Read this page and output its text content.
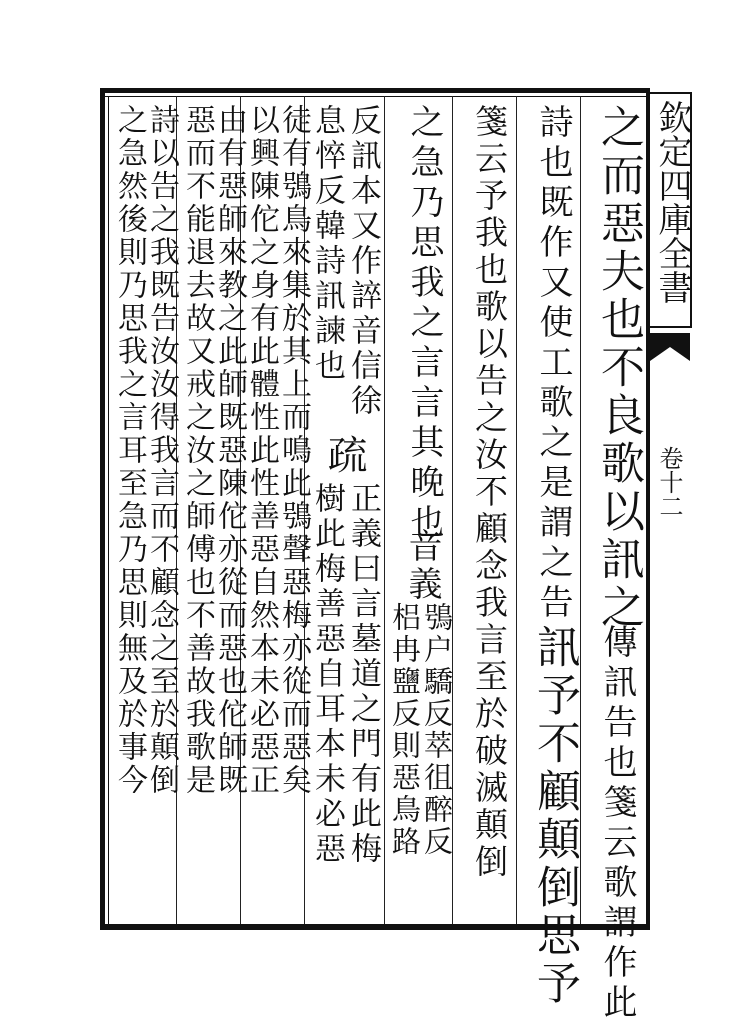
欽定四庫全書
卷十二
之而惡夫也不良歌以訊之
傳訊告也箋云歌謂作此
詩也既作又使工歌之是謂之告
訊予不顧顛倒思予
箋云予我也歌以告之汝不顧念我言至於破滅顛倒
之急乃思我之言言其晚也
音義
鴞户驕反萃徂醉反
梠冉鹽反則惡鳥路
反訊本又作誶音信徐
息悴反韓詩訊諫也
疏
正義曰言墓道之門有此梅
樹此梅善惡自耳本未必惡
徒有鴞鳥來集於其上而鳴此鴞聲惡梅亦從而惡矣
以興陳佗之身有此體性此性善惡自然本未必惡正
由有惡師來教之此師既惡陳佗亦從而惡也佗師既
惡而不能退去故又戒之汝之師傅也不善故我歌是
詩以告之我既告汝汝得我言而不顧念之至於顛倒
之急然後則乃思我之言耳至急乃思則無及於事今
